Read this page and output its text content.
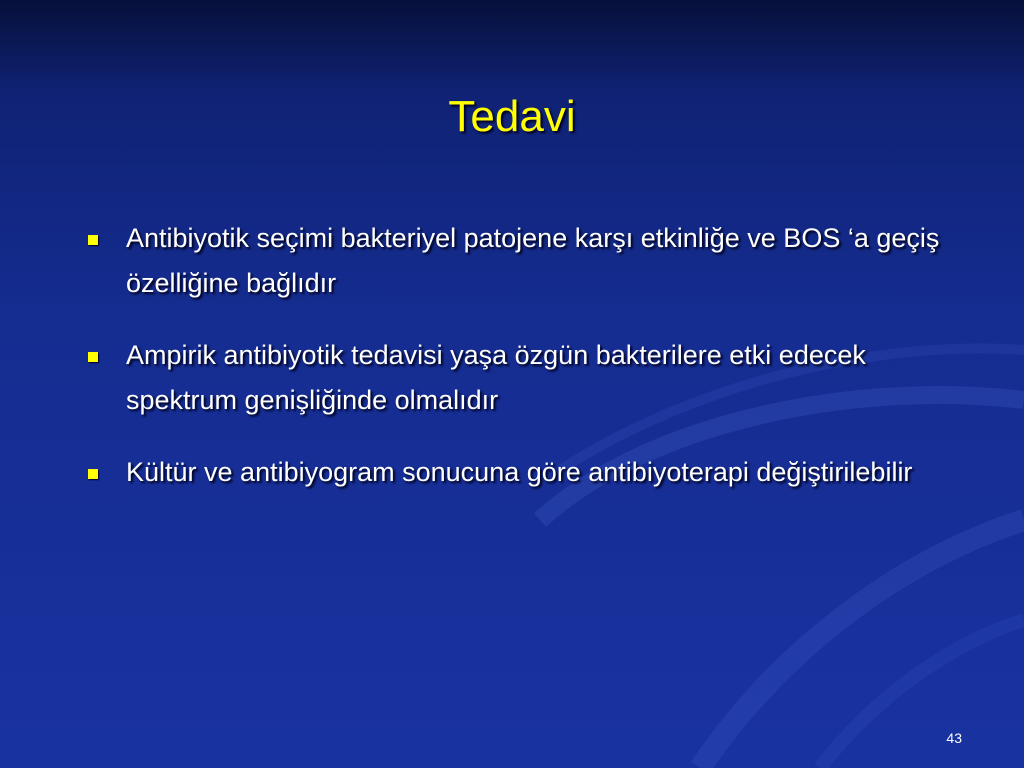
Tedavi
Antibiyotik seçimi bakteriyel patojene karşı etkinliğe ve BOS ‘a geçiş özelliğine bağlıdır
Ampirik antibiyotik tedavisi yaşa özgün bakterilere etki edecek spektrum genişliğinde olmalıdır
Kültür ve antibiyogram sonucuna göre antibiyoterapi değiştirilebilir
43
